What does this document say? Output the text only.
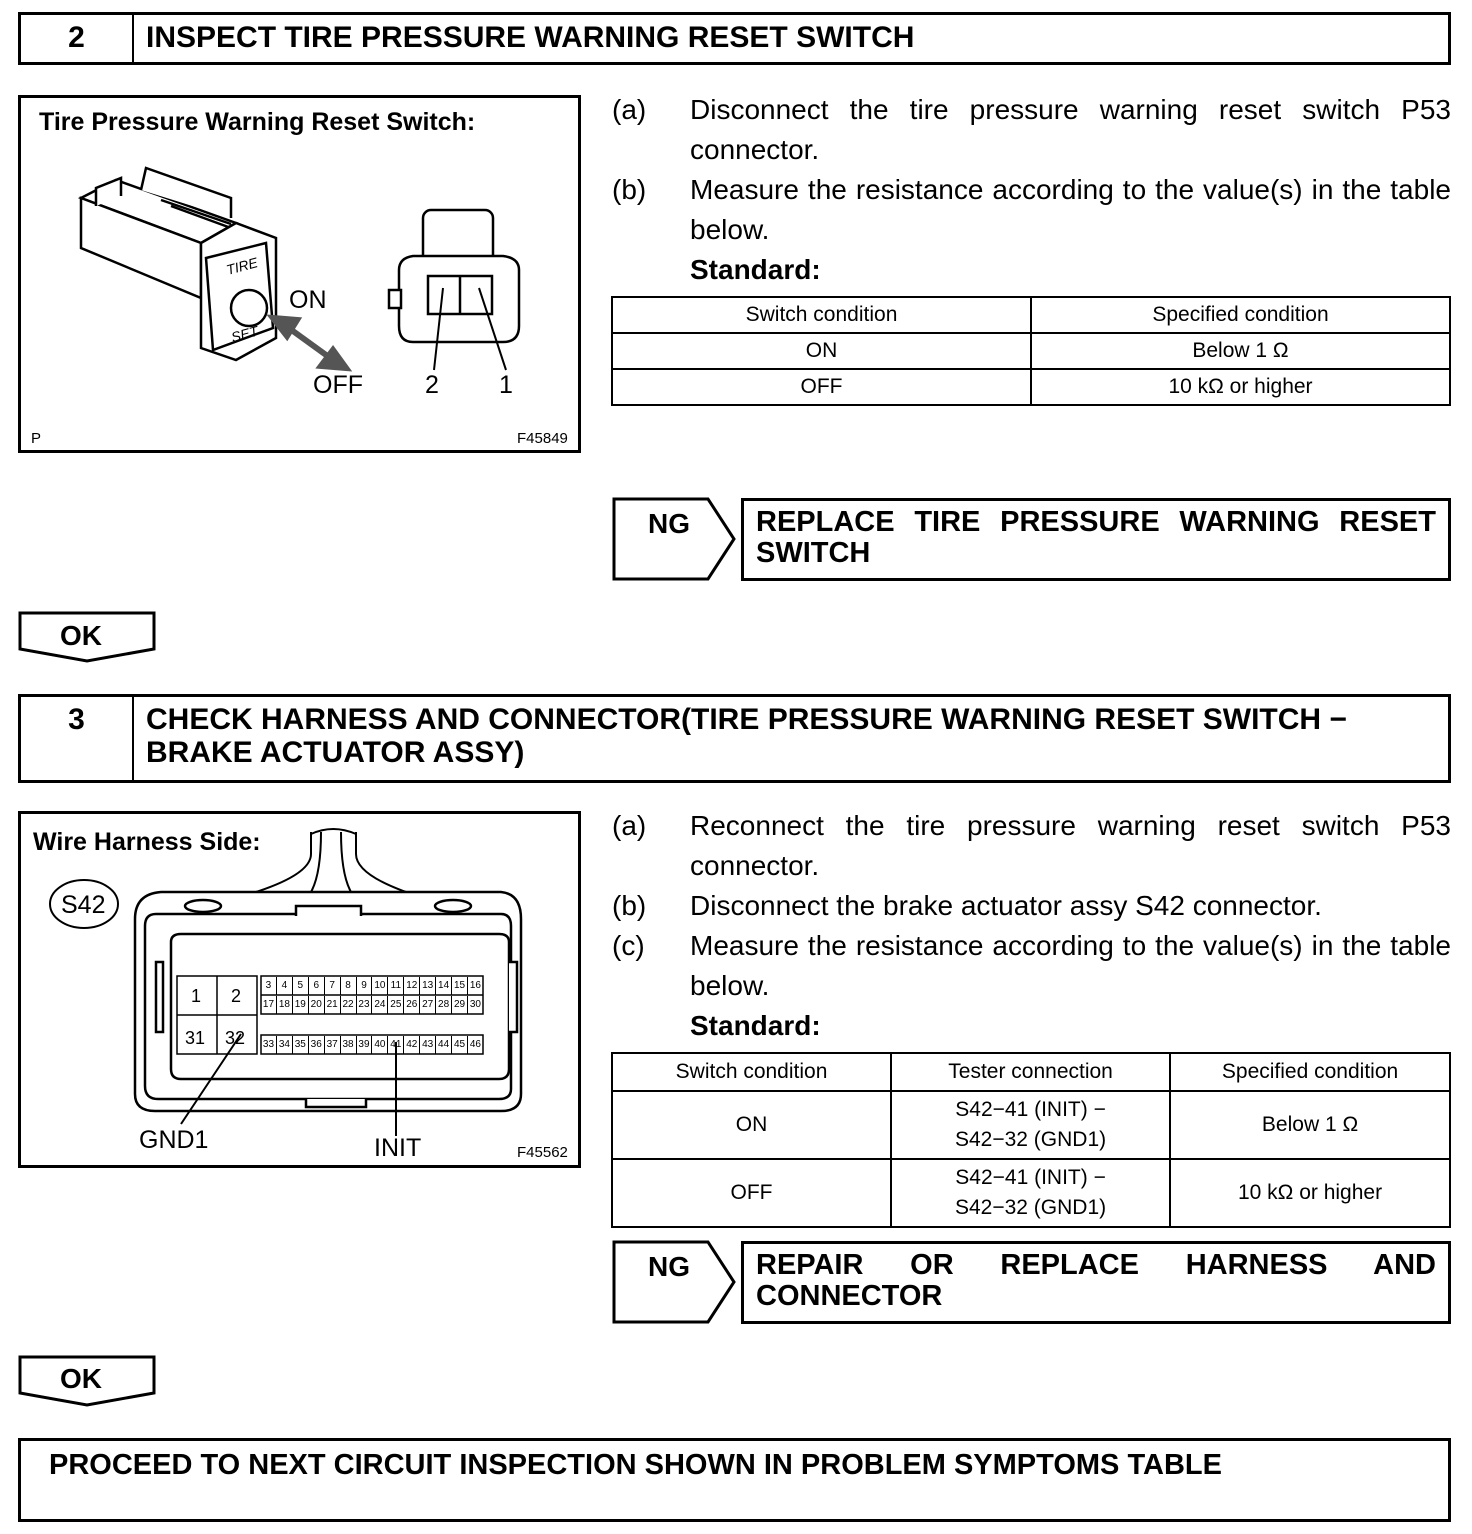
2	INSPECT TIRE PRESSURE WARNING RESET SWITCH
Tire Pressure Warning Reset Switch:
TIRE
SET
ON
OFF 2 1
P	F45849
(a)	Disconnect the tire pressure warning reset switch P53 connector.
(b)	Measure the resistance according to the value(s) in the table below.
Standard:
Switch condition	Specified condition
ON	Below 1 Ω
OFF	10 kΩ or higher
NG	REPLACE TIRE PRESSURE WARNING RESET SWITCH
OK
3	CHECK HARNESS AND CONNECTOR(TIRE PRESSURE WARNING RESET SWITCH − BRAKE ACTUATOR ASSY)
Wire Harness Side:
S42
1 2
31 32
3	4	5	6	7	8	9 10 11 12 13 14 15 16
17 18 19 20 21 22 23 24 25 26 27 28 29 30
33 34 35 36 37 38 39 40 41 42 43 44 45 46
GND1	INIT	F45562
(a)	Reconnect the tire pressure warning reset switch P53 connector.
(b)	Disconnect the brake actuator assy S42 connector.
(c)	Measure the resistance according to the value(s) in the table below.
Standard:
Switch condition	Tester connection	Specified condition
ON	S42−41 (INIT) −
S42−32 (GND1)	Below 1 Ω
OFF	S42−41 (INIT) −
S42−32 (GND1)	10 kΩ or higher
NG	REPAIR OR REPLACE HARNESS AND CONNECTOR
OK
PROCEED TO NEXT CIRCUIT INSPECTION SHOWN IN PROBLEM SYMPTOMS TABLE
